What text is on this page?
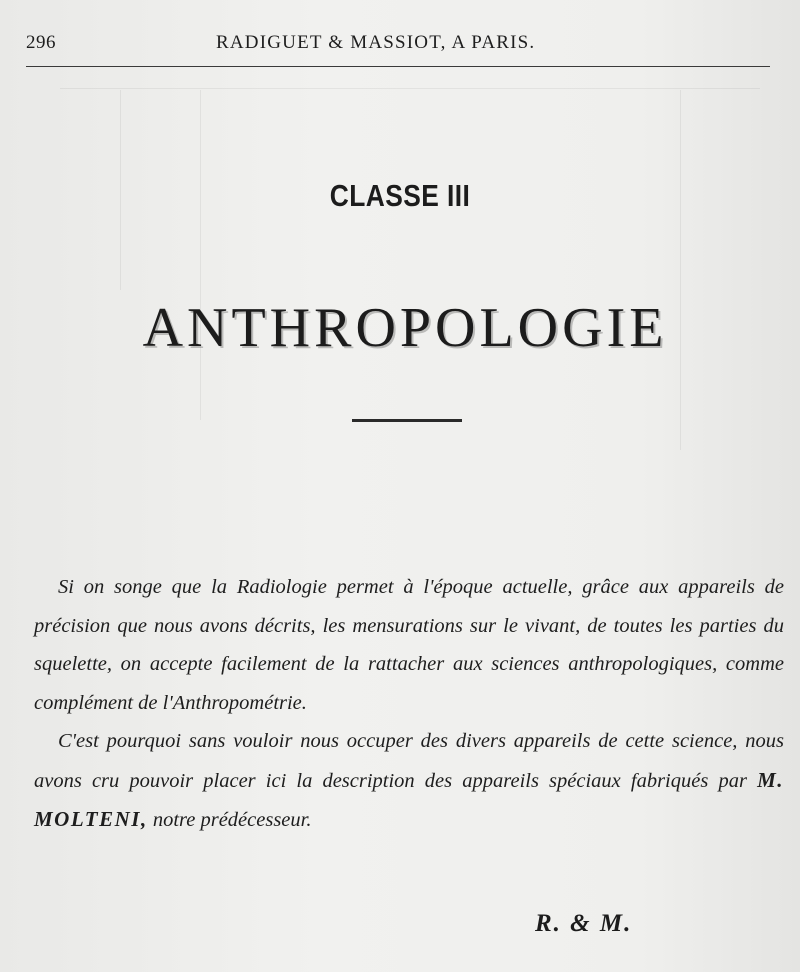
296	RADIGUET & MASSIOT, A PARIS.
CLASSE III
ANTHROPOLOGIE

Si on songe que la Radiologie permet à l'époque actuelle, grâce aux appareils de précision que nous avons décrits, les mensurations sur le vivant, de toutes les parties du squelette, on accepte facilement de la rattacher aux sciences anthropologiques, comme complément de l'Anthropométrie.

C'est pourquoi sans vouloir nous occuper des divers appareils de cette science, nous avons cru pouvoir placer ici la description des appareils spéciaux fabriqués par M. MOLTENI, notre prédécesseur.

R. & M.
